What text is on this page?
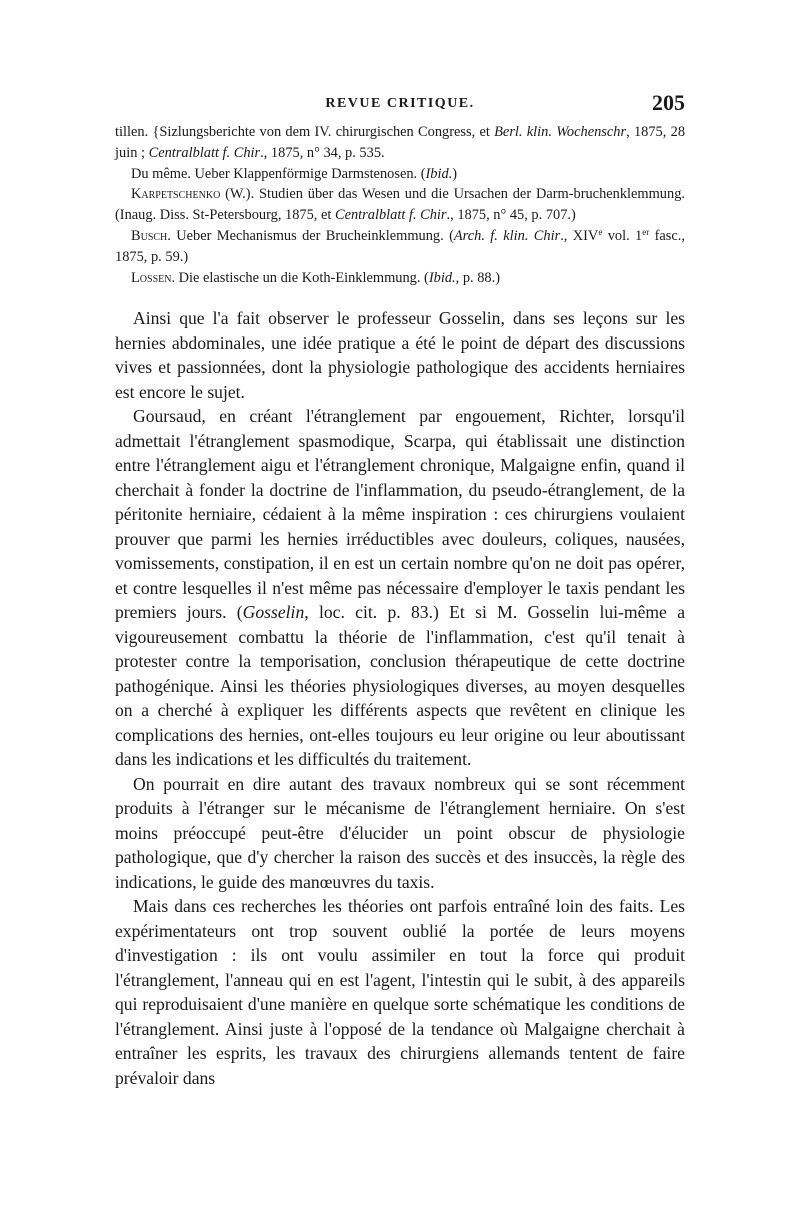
REVUE CRITIQUE.	205

tillen. {Sizlungsberichte von dem IV. chirurgischen Congress, et Berl. klin. Wochenschr, 1875, 28 juin ; Centralblatt f. Chir., 1875, n° 34, p. 535.

Du même. Ueber Klappenförmige Darmstenosen. (Ibid.)

Karpetschenko (W.). Studien über das Wesen und die Ursachen der Darm-bruchenklemmung. (Inaug. Diss. St-Petersbourg, 1875, et Centralblatt f. Chir., 1875, n° 45, p. 707.)

Busch. Ueber Mechanismus der Brucheinklemmung. (Arch. f. klin. Chir., XIVe vol. 1er fasc., 1875, p. 59.)

Lossen. Die elastische un die Koth-Einklemmung. (Ibid., p. 88.)

Ainsi que l'a fait observer le professeur Gosselin, dans ses leçons sur les hernies abdominales, une idée pratique a été le point de départ des discussions vives et passionnées, dont la physiologie pathologique des accidents herniaires est encore le sujet.

Goursaud, en créant l'étranglement par engouement, Richter, lorsqu'il admettait l'étranglement spasmodique, Scarpa, qui établissait une distinction entre l'étranglement aigu et l'étranglement chronique, Malgaigne enfin, quand il cherchait à fonder la doctrine de l'inflammation, du pseudo-étranglement, de la péritonite herniaire, cédaient à la même inspiration : ces chirurgiens voulaient prouver que parmi les hernies irréductibles avec douleurs, coliques, nausées, vomissements, constipation, il en est un certain nombre qu'on ne doit pas opérer, et contre lesquelles il n'est même pas nécessaire d'employer le taxis pendant les premiers jours. (Gosselin, loc. cit. p. 83.) Et si M. Gosselin lui-même a vigoureusement combattu la théorie de l'inflammation, c'est qu'il tenait à protester contre la temporisation, conclusion thérapeutique de cette doctrine pathogénique. Ainsi les théories physiologiques diverses, au moyen desquelles on a cherché à expliquer les différents aspects que revêtent en clinique les complications des hernies, ont-elles toujours eu leur origine ou leur aboutissant dans les indications et les difficultés du traitement.

On pourrait en dire autant des travaux nombreux qui se sont récemment produits à l'étranger sur le mécanisme de l'étranglement herniaire. On s'est moins préoccupé peut-être d'élucider un point obscur de physiologie pathologique, que d'y chercher la raison des succès et des insuccès, la règle des indications, le guide des manœuvres du taxis.

Mais dans ces recherches les théories ont parfois entraîné loin des faits. Les expérimentateurs ont trop souvent oublié la portée de leurs moyens d'investigation : ils ont voulu assimiler en tout la force qui produit l'étranglement, l'anneau qui en est l'agent, l'intestin qui le subit, à des appareils qui reproduisaient d'une manière en quelque sorte schématique les conditions de l'étranglement. Ainsi juste à l'opposé de la tendance où Malgaigne cherchait à entraîner les esprits, les travaux des chirurgiens allemands tentent de faire prévaloir dans
